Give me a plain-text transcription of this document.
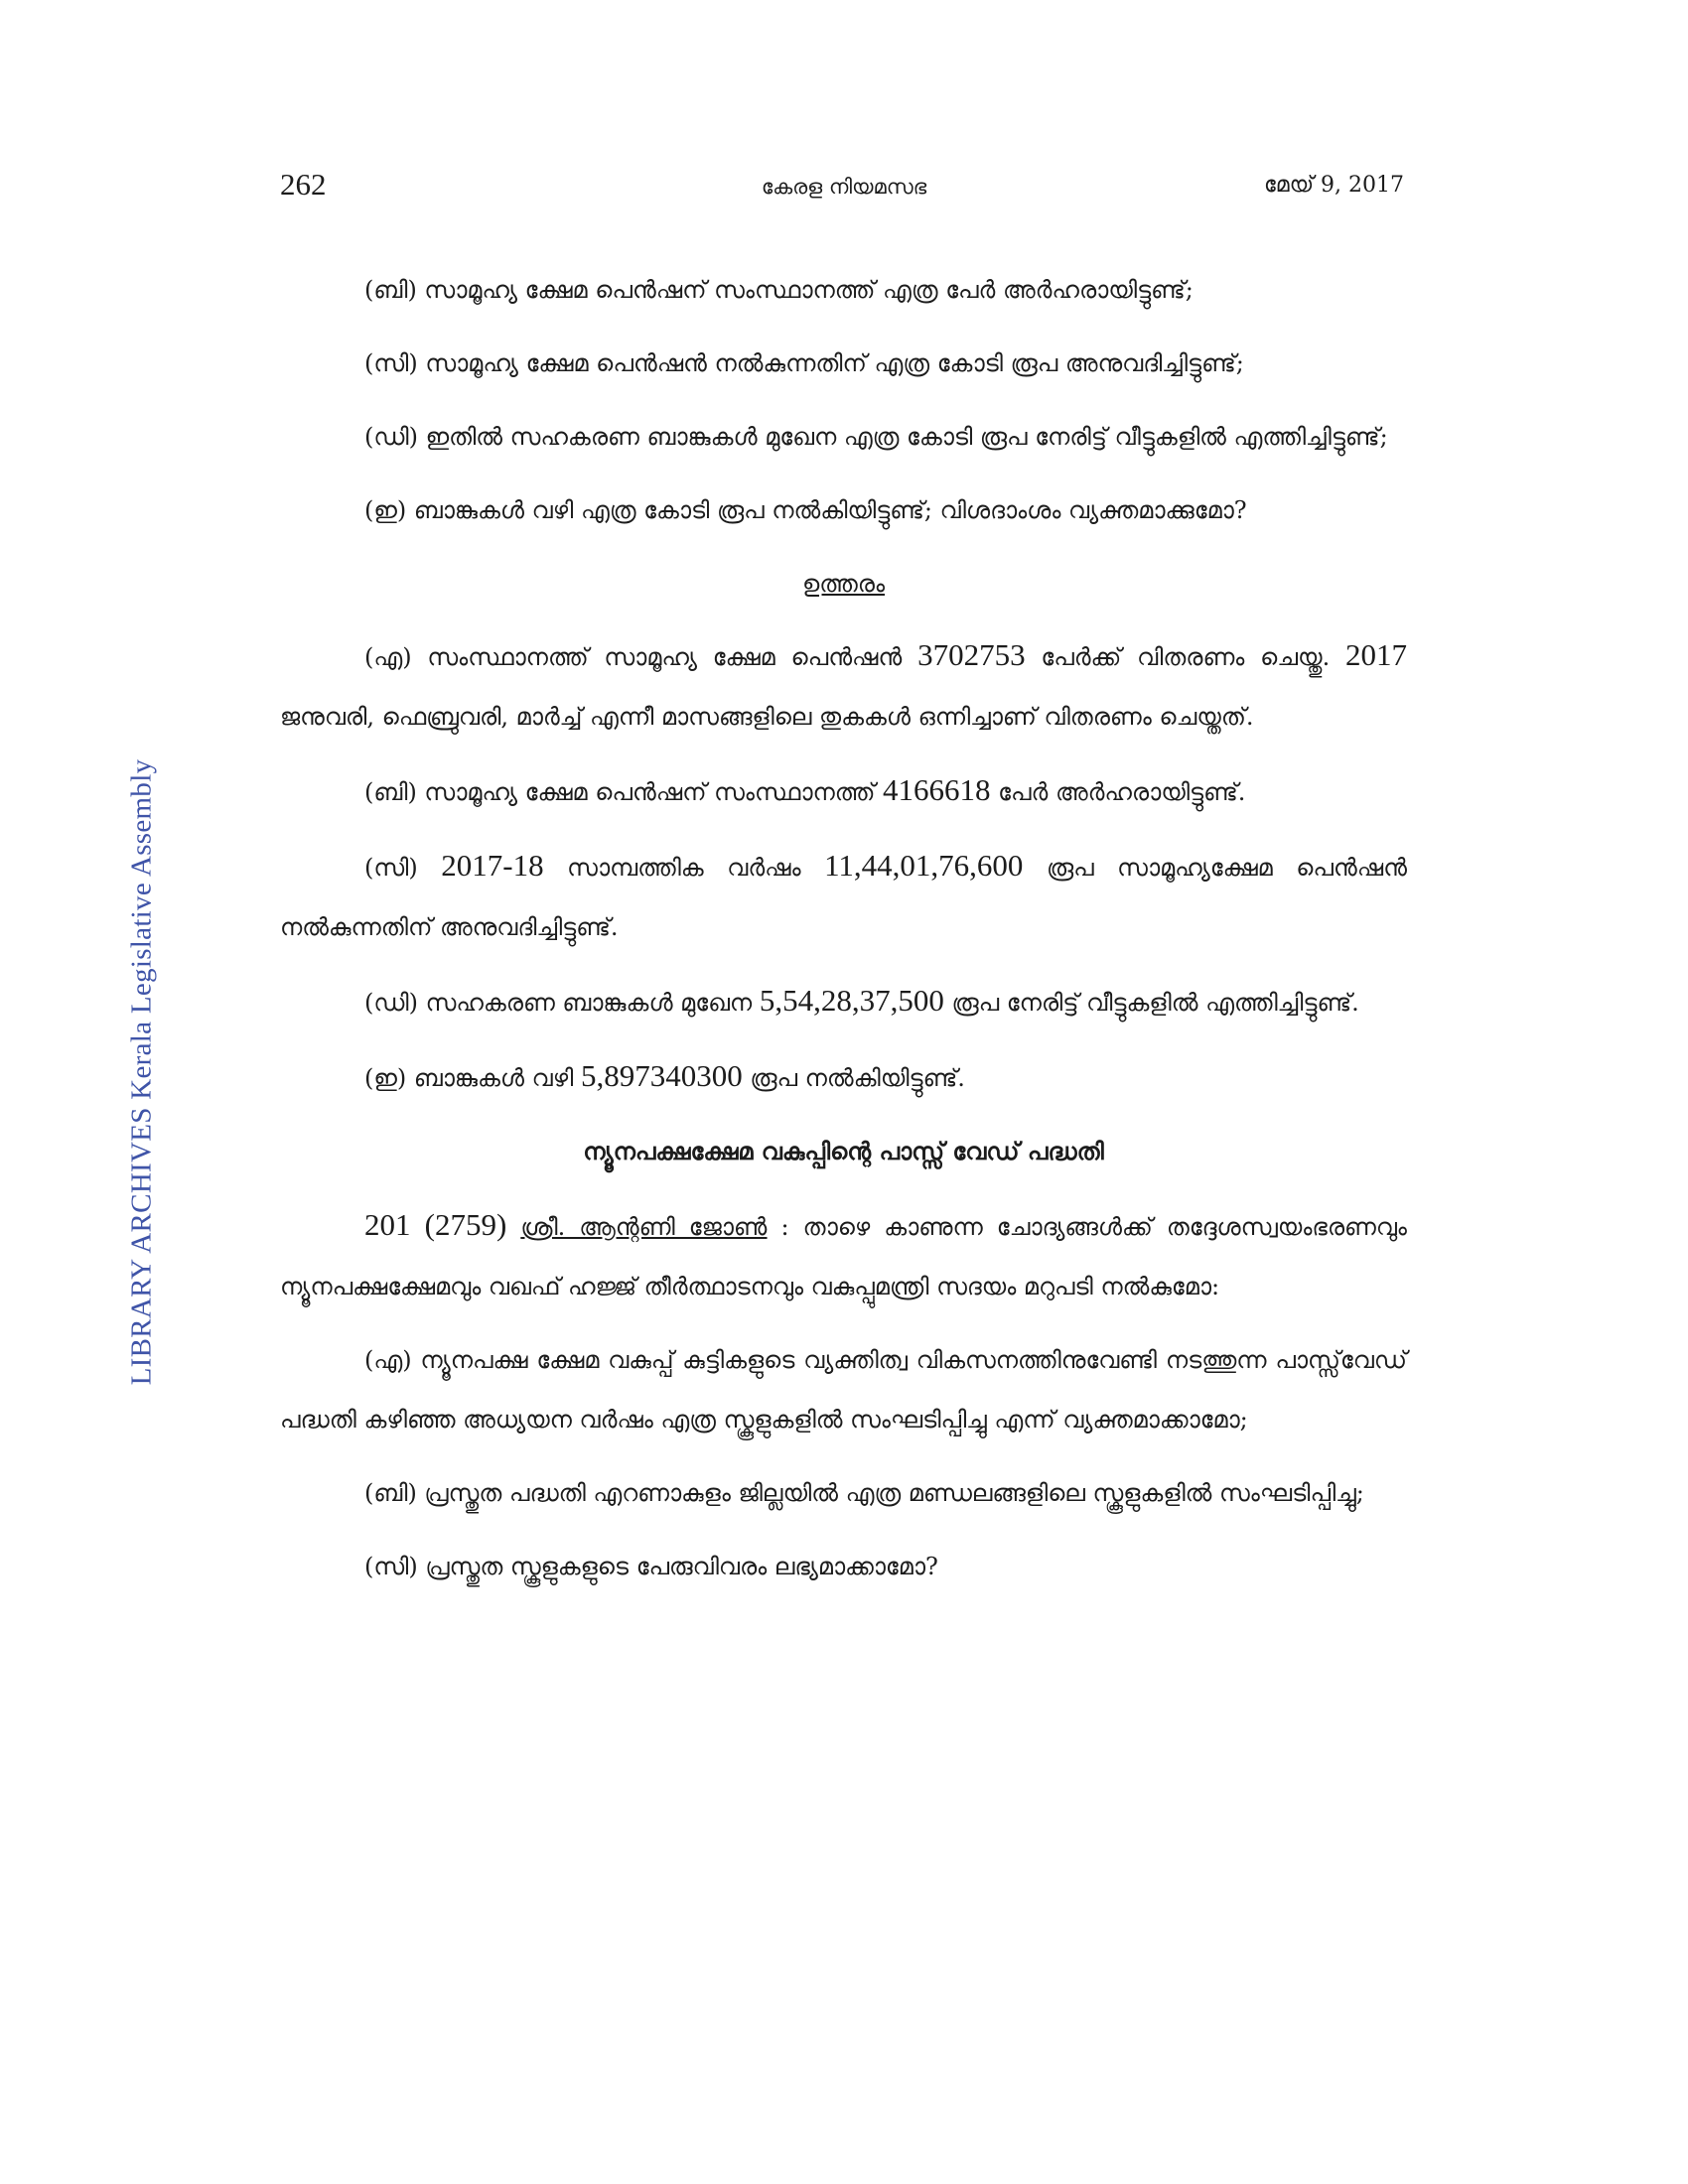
LIBRARY ARCHIVES Kerala Legislative Assembly
262	കേരള നിയമസഭ	മേയ് 9, 2017

(ബി) സാമൂഹ്യ ക്ഷേമ പെൻഷന് സംസ്ഥാനത്ത് എത്ര പേർ അർഹരായിട്ടുണ്ട്;

(സി) സാമൂഹ്യ ക്ഷേമ പെൻഷൻ നൽകുന്നതിന് എത്ര കോടി രൂപ അനുവദിച്ചിട്ടുണ്ട്;

(ഡി) ഇതിൽ സഹകരണ ബാങ്കുകൾ മുഖേന എത്ര കോടി രൂപ നേരിട്ട് വീട്ടുകളിൽ എത്തിച്ചിട്ടുണ്ട്;

(ഇ) ബാങ്കുകൾ വഴി എത്ര കോടി രൂപ നൽകിയിട്ടുണ്ട്; വിശദാംശം വ്യക്തമാക്കുമോ?

ഉത്തരം

(എ) സംസ്ഥാനത്ത് സാമൂഹ്യ ക്ഷേമ പെൻഷൻ 3702753 പേർക്ക് വിതരണം ചെയ്തു. 2017 ജനുവരി, ഫെബ്രുവരി, മാർച്ച് എന്നീ മാസങ്ങളിലെ തുകകൾ ഒന്നിച്ചാണ് വിതരണം ചെയ്തത്.

(ബി) സാമൂഹ്യ ക്ഷേമ പെൻഷന് സംസ്ഥാനത്ത് 4166618 പേർ അർഹരായിട്ടുണ്ട്.

(സി) 2017-18 സാമ്പത്തിക വർഷം 11,44,01,76,600 രൂപ സാമൂഹ്യക്ഷേമ പെൻഷൻ നൽകുന്നതിന് അനുവദിച്ചിട്ടുണ്ട്.

(ഡി) സഹകരണ ബാങ്കുകൾ മുഖേന 5,54,28,37,500 രൂപ നേരിട്ട് വീട്ടുകളിൽ എത്തിച്ചിട്ടുണ്ട്.

(ഇ) ബാങ്കുകൾ വഴി 5,897340300 രൂപ നൽകിയിട്ടുണ്ട്.

ന്യൂനപക്ഷക്ഷേമ വകുപ്പിന്റെ പാസ്സ് വേഡ് പദ്ധതി

201 (2759) ശ്രീ. ആന്റണി ജോൺ : താഴെ കാണുന്ന ചോദ്യങ്ങൾക്ക് തദ്ദേശസ്വയംഭരണവും ന്യൂനപക്ഷക്ഷേമവും വഖഫ് ഹജ്ജ് തീർത്ഥാടനവും വകുപ്പുമന്ത്രി സദയം മറുപടി നൽകുമോ:

(എ) ന്യൂനപക്ഷ ക്ഷേമ വകുപ്പ് കുട്ടികളുടെ വ്യക്തിത്വ വികസനത്തിനുവേണ്ടി നടത്തുന്ന പാസ്സ്‌വേഡ് പദ്ധതി കഴിഞ്ഞ അധ്യയന വർഷം എത്ര സ്കൂളുകളിൽ സംഘടിപ്പിച്ചു എന്ന് വ്യക്തമാക്കാമോ;

(ബി) പ്രസ്തുത പദ്ധതി എറണാകുളം ജില്ലയിൽ എത്ര മണ്ഡലങ്ങളിലെ സ്കൂളുകളിൽ സംഘടിപ്പിച്ചു;

(സി) പ്രസ്തുത സ്കൂളുകളുടെ പേരുവിവരം ലഭ്യമാക്കാമോ?
